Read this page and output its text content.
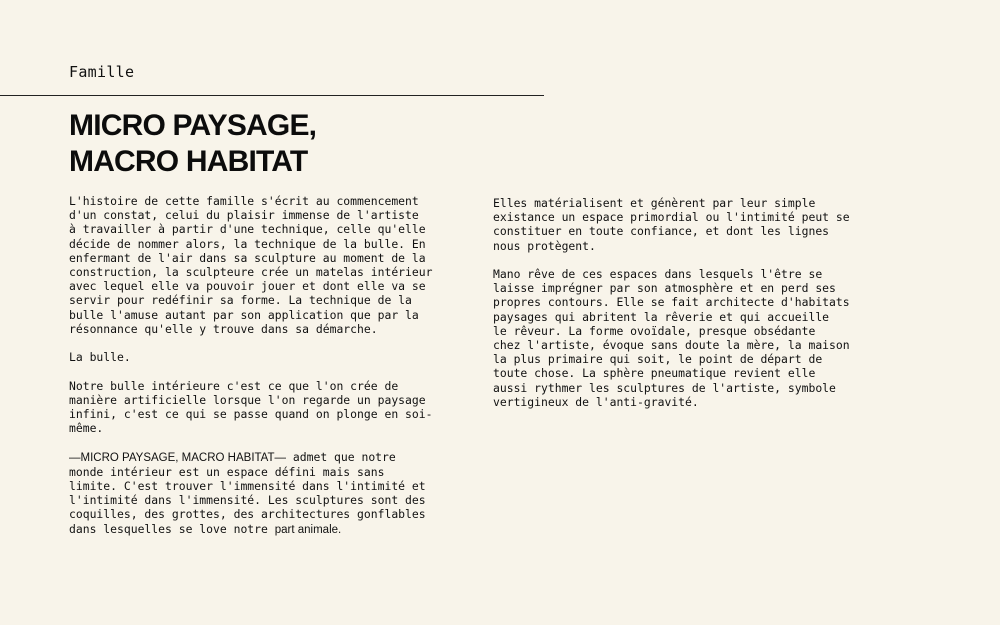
Famille
MICRO PAYSAGE,
MACRO HABITAT

L'histoire de cette famille s'écrit au commencement
d'un constat, celui du plaisir immense de l'artiste
à travailler à partir d'une technique, celle qu'elle
décide de nommer alors, la technique de la bulle. En
enfermant de l'air dans sa sculpture au moment de la
construction, la sculpteure crée un matelas intérieur
avec lequel elle va pouvoir jouer et dont elle va se
servir pour redéfinir sa forme. La technique de la
bulle l'amuse autant par son application que par la
résonnance qu'elle y trouve dans sa démarche.

La bulle.

Notre bulle intérieure c'est ce que l'on crée de
manière artificielle lorsque l'on regarde un paysage
infini, c'est ce qui se passe quand on plonge en soi-
même.

—MICRO PAYSAGE, MACRO HABITAT— admet que notre
monde intérieur est un espace défini mais sans
limite. C'est trouver l'immensité dans l'intimité et
l'intimité dans l'immensité. Les sculptures sont des
coquilles, des grottes, des architectures gonflables
dans lesquelles se love notre part animale.

Elles matérialisent et génèrent par leur simple
existance un espace primordial ou l'intimité peut se
constituer en toute confiance, et dont les lignes
nous protègent.

Mano rêve de ces espaces dans lesquels l'être se
laisse imprégner par son atmosphère et en perd ses
propres contours. Elle se fait architecte d'habitats
paysages qui abritent la rêverie et qui accueille
le rêveur. La forme ovoïdale, presque obsédante
chez l'artiste, évoque sans doute la mère, la maison
la plus primaire qui soit, le point de départ de
toute chose. La sphère pneumatique revient elle
aussi rythmer les sculptures de l'artiste, symbole
vertigineux de l'anti-gravité.
